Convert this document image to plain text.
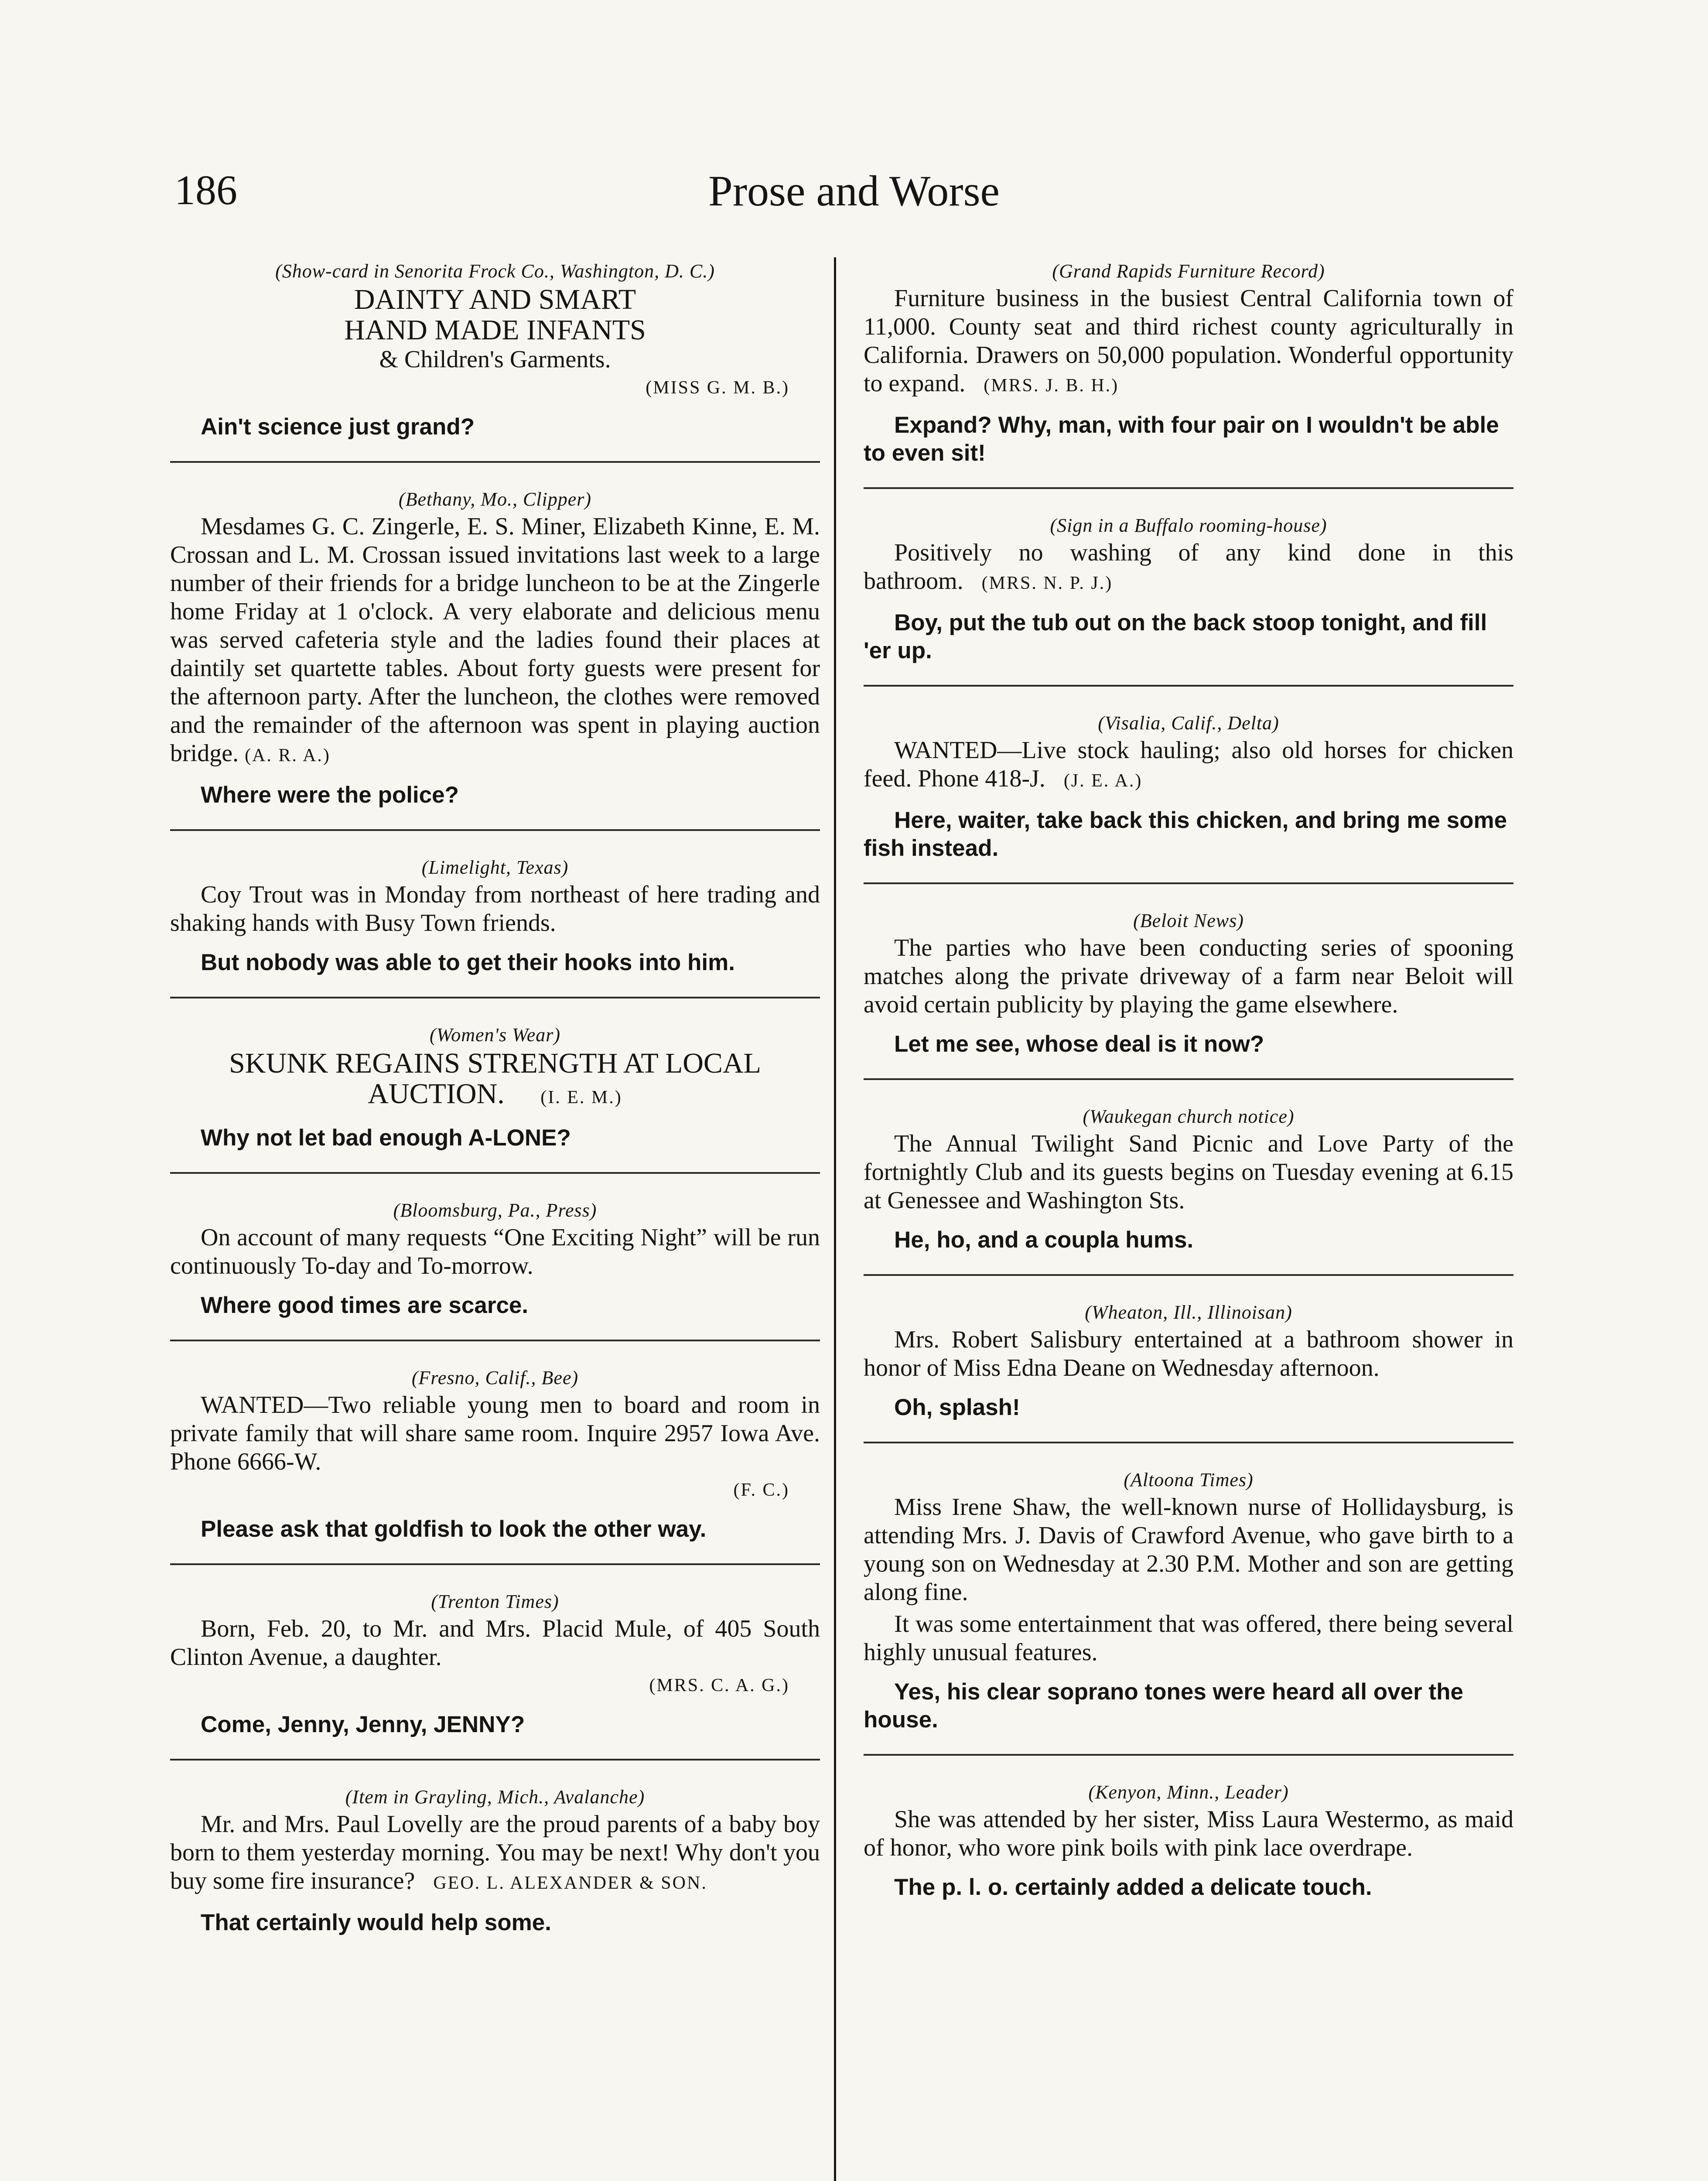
186	Prose and Worse
(Show-card in Senorita Frock Co., Washington, D. C.)
DAINTY AND SMART
HAND MADE INFANTS
& Children's Garments.
(MISS G. M. B.)

Ain't science just grand?

(Bethany, Mo., Clipper)

Mesdames G. C. Zingerle, E. S. Miner, Elizabeth Kinne, E. M. Crossan and L. M. Crossan issued invitations last week to a large number of their friends for a bridge luncheon to be at the Zingerle home Friday at 1 o'clock. A very elaborate and delicious menu was served cafeteria style and the ladies found their places at daintily set quartette tables. About forty guests were present for the afternoon party. After the luncheon, the clothes were removed and the remainder of the afternoon was spent in playing auction bridge. (A. R. A.)

Where were the police?

(Limelight, Texas)

Coy Trout was in Monday from northeast of here trading and shaking hands with Busy Town friends.

But nobody was able to get their hooks into him.

(Women's Wear)
SKUNK REGAINS STRENGTH AT LOCAL
AUCTION. (I. E. M.)

Why not let bad enough A-LONE?

(Bloomsburg, Pa., Press)

On account of many requests “One Exciting Night” will be run continuously To-day and To-morrow.

Where good times are scarce.

(Fresno, Calif., Bee)

WANTED—Two reliable young men to board and room in private family that will share same room. Inquire 2957 Iowa Ave. Phone 6666-W.

(F. C.)

Please ask that goldfish to look the other way.

(Trenton Times)

Born, Feb. 20, to Mr. and Mrs. Placid Mule, of 405 South Clinton Avenue, a daughter.

(MRS. C. A. G.)

Come, Jenny, Jenny, JENNY?

(Item in Grayling, Mich., Avalanche)

Mr. and Mrs. Paul Lovelly are the proud parents of a baby boy born to them yesterday morning. You may be next! Why don't you buy some fire insurance? GEO. L. ALEXANDER & SON.

That certainly would help some.

(Grand Rapids Furniture Record)

Furniture business in the busiest Central California town of 11,000. County seat and third richest county agriculturally in California. Drawers on 50,000 population. Wonderful opportunity to expand. (MRS. J. B. H.)

Expand? Why, man, with four pair on I wouldn't be able to even sit!

(Sign in a Buffalo rooming-house)

Positively no washing of any kind done in this bathroom. (MRS. N. P. J.)

Boy, put the tub out on the back stoop tonight, and fill 'er up.

(Visalia, Calif., Delta)

WANTED—Live stock hauling; also old horses for chicken feed. Phone 418-J. (J. E. A.)

Here, waiter, take back this chicken, and bring me some fish instead.

(Beloit News)

The parties who have been conducting series of spooning matches along the private driveway of a farm near Beloit will avoid certain publicity by playing the game elsewhere.

Let me see, whose deal is it now?

(Waukegan church notice)

The Annual Twilight Sand Picnic and Love Party of the fortnightly Club and its guests begins on Tuesday evening at 6.15 at Genessee and Washington Sts.

He, ho, and a coupla hums.

(Wheaton, Ill., Illinoisan)

Mrs. Robert Salisbury entertained at a bathroom shower in honor of Miss Edna Deane on Wednesday afternoon.

Oh, splash!

(Altoona Times)

Miss Irene Shaw, the well-known nurse of Hollidaysburg, is attending Mrs. J. Davis of Crawford Avenue, who gave birth to a young son on Wednesday at 2.30 P.M. Mother and son are getting along fine.

It was some entertainment that was offered, there being several highly unusual features.

Yes, his clear soprano tones were heard all over the house.

(Kenyon, Minn., Leader)

She was attended by her sister, Miss Laura Westermo, as maid of honor, who wore pink boils with pink lace overdrape.

The p. l. o. certainly added a delicate touch.
